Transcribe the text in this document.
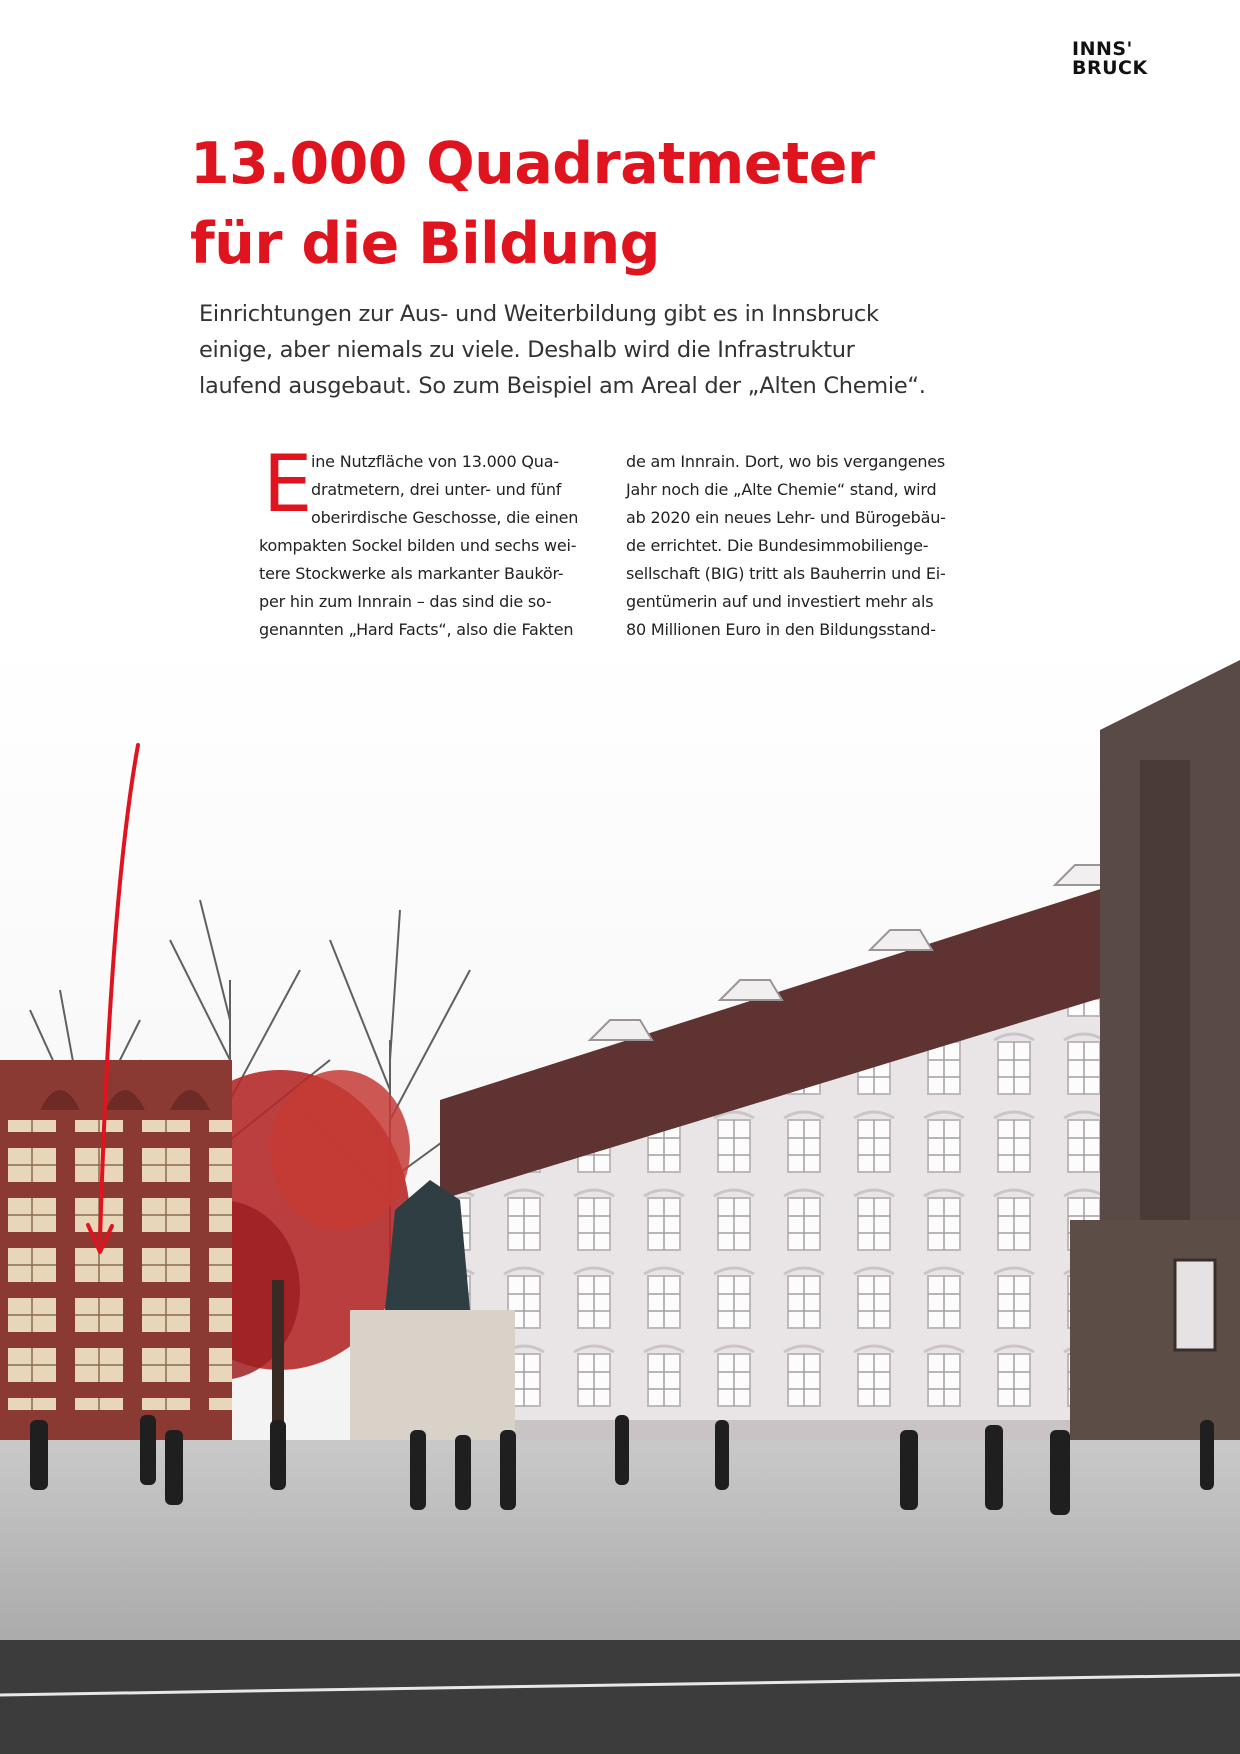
INNS'
BRUCK
13.000 Quadratmeter
für die Bildung

Einrichtungen zur Aus- und Weiterbildung gibt es in Innsbruck
einige, aber niemals zu viele. Deshalb wird die Infrastruktur
laufend ausgebaut. So zum Beispiel am Areal der „Alten Chemie“.

E
ine Nutzfläche von 13.000 Qua-
dratmetern, drei unter- und fünf
oberirdische Geschosse, die einen
kompakten Sockel bilden und sechs wei-
tere Stockwerke als markanter Baukör-
per hin zum Innrain – das sind die so-
genannten „Hard Facts“, also die Fakten
de am Innrain. Dort, wo bis vergangenes
Jahr noch die „Alte Chemie“ stand, wird
ab 2020 ein neues Lehr- und Bürogebäu-
de errichtet. Die Bundesimmobilienge-
sellschaft (BIG) tritt als Bauherrin und Ei-
gentümerin auf und investiert mehr als
80 Millionen Euro in den Bildungsstand-
